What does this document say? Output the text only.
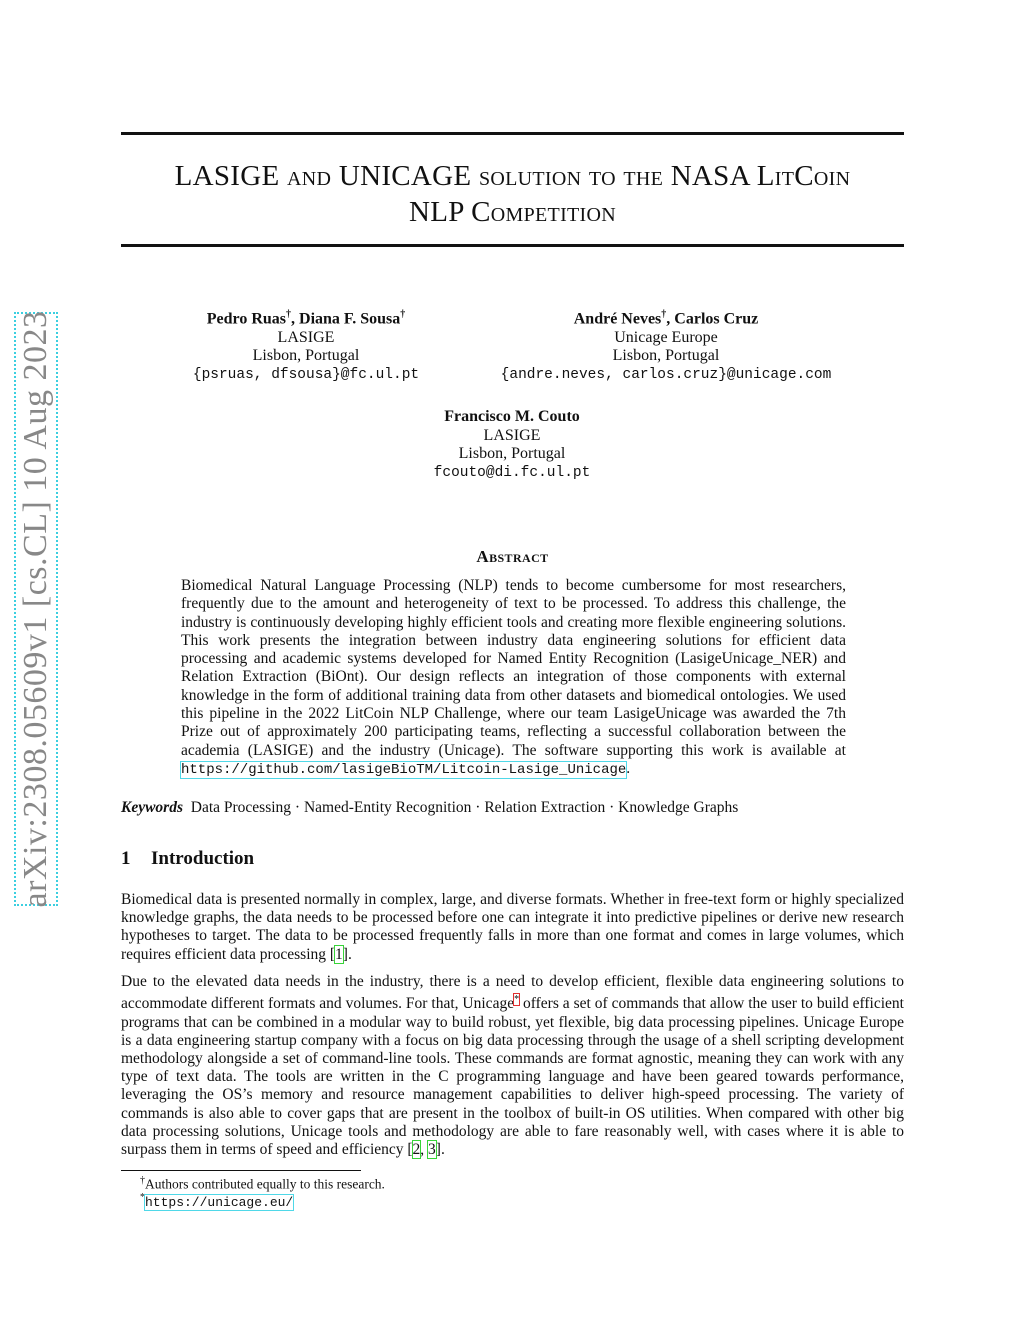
arXiv:2308.05609v1 [cs.CL] 10 Aug 2023
LASIGE and UNICAGE solution to the NASA LitCoin
NLP Competition
Pedro Ruas†, Diana F. Sousa†
LASIGE
Lisbon, Portugal
{psruas, dfsousa}@fc.ul.pt
André Neves†, Carlos Cruz
Unicage Europe
Lisbon, Portugal
{andre.neves, carlos.cruz}@unicage.com
Francisco M. Couto
LASIGE
Lisbon, Portugal
fcouto@di.fc.ul.pt
Abstract
Biomedical Natural Language Processing (NLP) tends to become cumbersome for most researchers, frequently due to the amount and heterogeneity of text to be processed. To address this challenge, the industry is continuously developing highly efficient tools and creating more flexible engineering solutions. This work presents the integration between industry data engineering solutions for efficient data processing and academic systems developed for Named Entity Recognition (LasigeUnicage_NER) and Relation Extraction (BiOnt). Our design reflects an integration of those components with external knowledge in the form of additional training data from other datasets and biomedical ontologies. We used this pipeline in the 2022 LitCoin NLP Challenge, where our team LasigeUnicage was awarded the 7th Prize out of approximately 200 participating teams, reflecting a successful collaboration between the academia (LASIGE) and the industry (Unicage). The software supporting this work is available at https://github.com/lasigeBioTM/Litcoin-Lasige_Unicage.
Keywords Data Processing · Named-Entity Recognition · Relation Extraction · Knowledge Graphs
1 Introduction
Biomedical data is presented normally in complex, large, and diverse formats. Whether in free-text form or highly specialized knowledge graphs, the data needs to be processed before one can integrate it into predictive pipelines or derive new research hypotheses to target. The data to be processed frequently falls in more than one format and comes in large volumes, which requires efficient data processing [1].
Due to the elevated data needs in the industry, there is a need to develop efficient, flexible data engineering solutions to accommodate different formats and volumes. For that, Unicage* offers a set of commands that allow the user to build efficient programs that can be combined in a modular way to build robust, yet flexible, big data processing pipelines. Unicage Europe is a data engineering startup company with a focus on big data processing through the usage of a shell scripting development methodology alongside a set of command-line tools. These commands are format agnostic, meaning they can work with any type of text data. The tools are written in the C programming language and have been geared towards performance, leveraging the OS’s memory and resource management capabilities to deliver high-speed processing. The variety of commands is also able to cover gaps that are present in the toolbox of built-in OS utilities. When compared with other big data processing solutions, Unicage tools and methodology are able to fare reasonably well, with cases where it is able to surpass them in terms of speed and efficiency [2, 3].
†Authors contributed equally to this research.
*https://unicage.eu/
